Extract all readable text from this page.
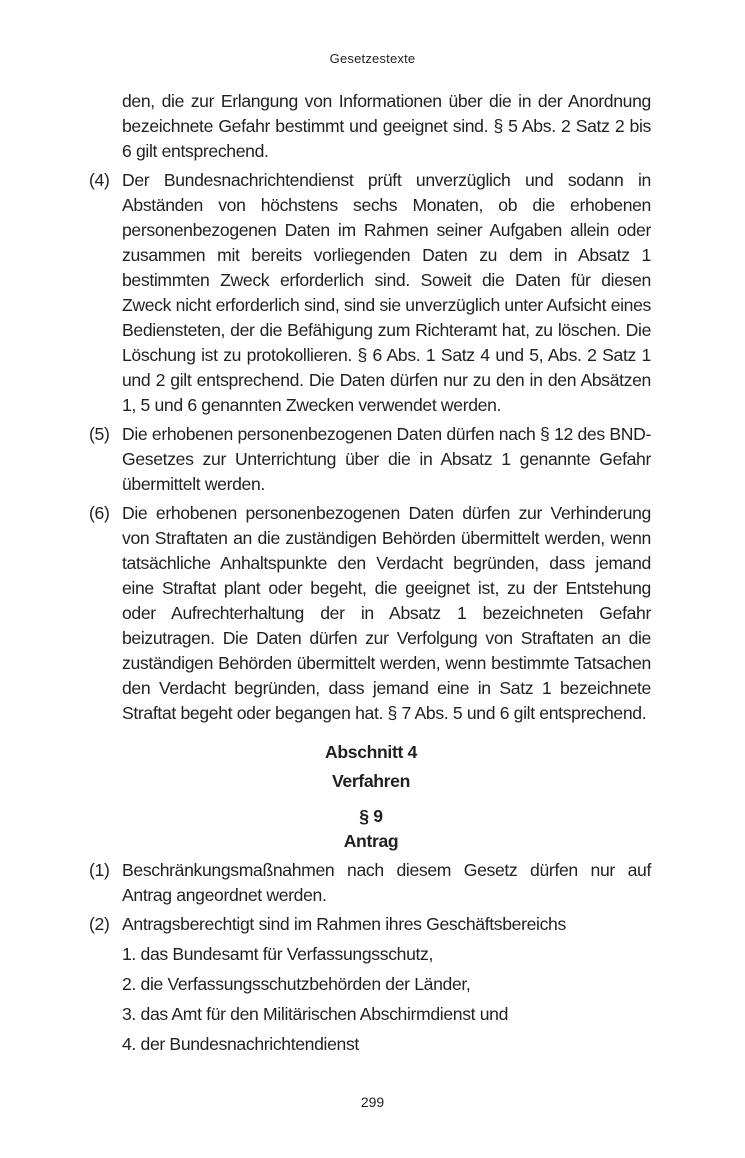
Gesetzestexte
den, die zur Erlangung von Informationen über die in der Anordnung bezeichnete Gefahr bestimmt und geeignet sind. § 5 Abs. 2 Satz 2 bis 6 gilt entsprechend.
(4) Der Bundesnachrichtendienst prüft unverzüglich und sodann in Abständen von höchstens sechs Monaten, ob die erhobenen personenbezogenen Daten im Rahmen seiner Aufgaben allein oder zusammen mit bereits vorliegenden Daten zu dem in Absatz 1 bestimmten Zweck erforderlich sind. Soweit die Daten für diesen Zweck nicht erforderlich sind, sind sie unverzüglich unter Aufsicht eines Bediensteten, der die Befähigung zum Richteramt hat, zu löschen. Die Löschung ist zu protokollieren. § 6 Abs. 1 Satz 4 und 5, Abs. 2 Satz 1 und 2 gilt entsprechend. Die Daten dürfen nur zu den in den Absätzen 1, 5 und 6 genannten Zwecken verwendet werden.
(5) Die erhobenen personenbezogenen Daten dürfen nach § 12 des BND-Gesetzes zur Unterrichtung über die in Absatz 1 genannte Gefahr übermittelt werden.
(6) Die erhobenen personenbezogenen Daten dürfen zur Verhinderung von Straftaten an die zuständigen Behörden übermittelt werden, wenn tatsächliche Anhaltspunkte den Verdacht begründen, dass jemand eine Straftat plant oder begeht, die geeignet ist, zu der Entstehung oder Aufrechterhaltung der in Absatz 1 bezeichneten Gefahr beizutragen. Die Daten dürfen zur Verfolgung von Straftaten an die zuständigen Behörden übermittelt werden, wenn bestimmte Tatsachen den Verdacht begründen, dass jemand eine in Satz 1 bezeichnete Straftat begeht oder begangen hat. § 7 Abs. 5 und 6 gilt entsprechend.
Abschnitt 4
Verfahren
§ 9
Antrag
(1) Beschränkungsmaßnahmen nach diesem Gesetz dürfen nur auf Antrag angeordnet werden.
(2) Antragsberechtigt sind im Rahmen ihres Geschäftsbereichs
1. das Bundesamt für Verfassungsschutz,
2. die Verfassungsschutzbehörden der Länder,
3. das Amt für den Militärischen Abschirmdienst und
4. der Bundesnachrichtendienst
299
